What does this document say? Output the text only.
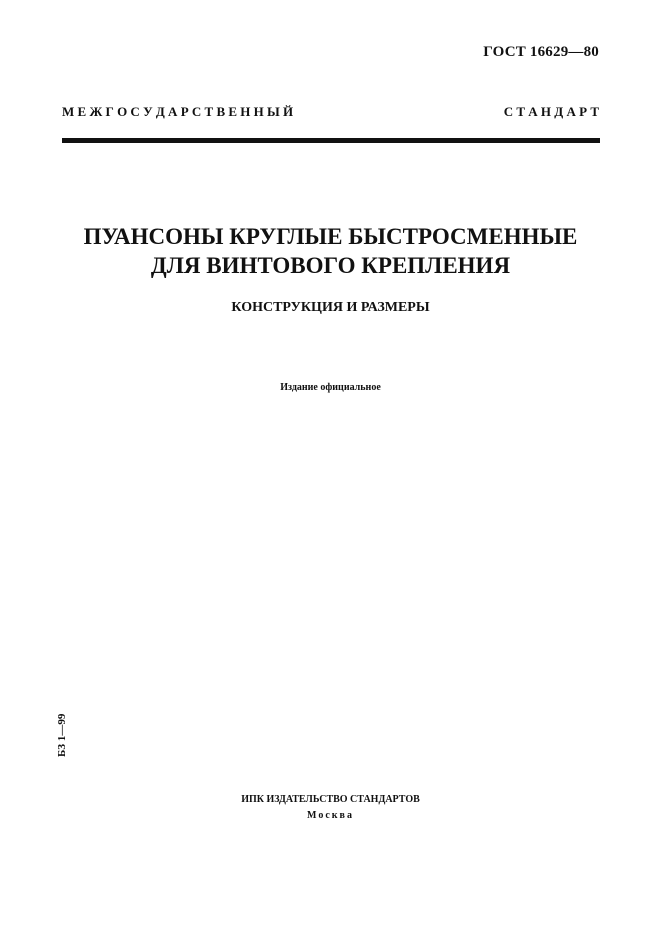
ГОСТ 16629—80
М Е Ж Г О С У Д А Р С Т В Е Н Н Ы Й	С Т А Н Д А Р Т
ПУАНСОНЫ КРУГЛЫЕ БЫСТРОСМЕННЫЕ
ДЛЯ ВИНТОВОГО КРЕПЛЕНИЯ
КОНСТРУКЦИЯ И РАЗМЕРЫ
Издание официальное
БЗ 1—99
ИПК ИЗДАТЕЛЬСТВО СТАНДАРТОВ
Москва
